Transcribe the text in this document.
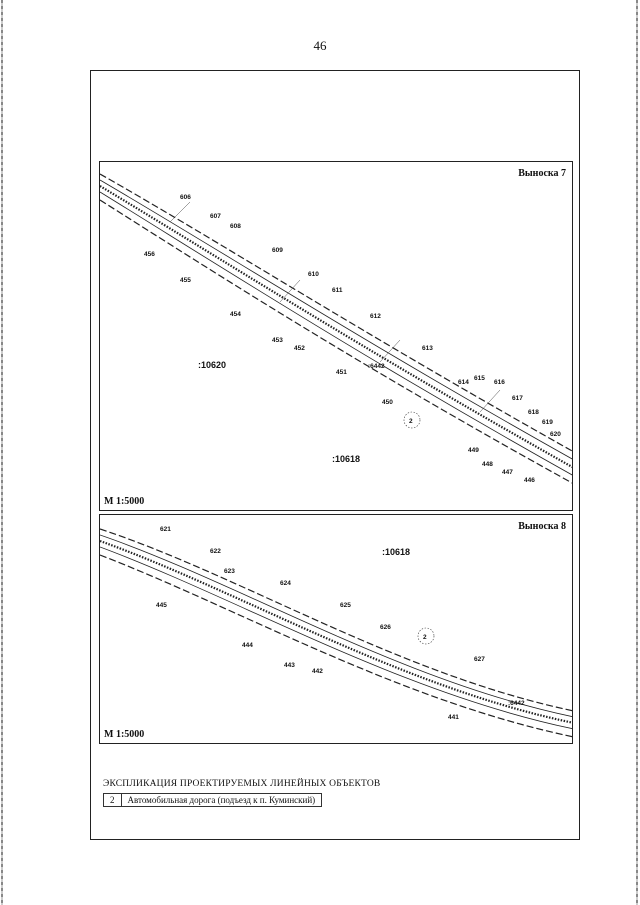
46
606
607
608
609
610
611
612
613
614
615
616
617
618
619
620
456
455
454
453
452
451
450
449
448
447
446
:10620
:10618
:6442
2
Выноска 7
М 1:5000
621
622
623
624
625
626
627
445
444
443
442
441
:10618
:6442
2
Выноска 8
М 1:5000
ЭКСПЛИКАЦИЯ ПРОЕКТИРУЕМЫХ ЛИНЕЙНЫХ ОБЪЕКТОВ
2	Автомобильная дорога (подъезд к п. Куминский)
